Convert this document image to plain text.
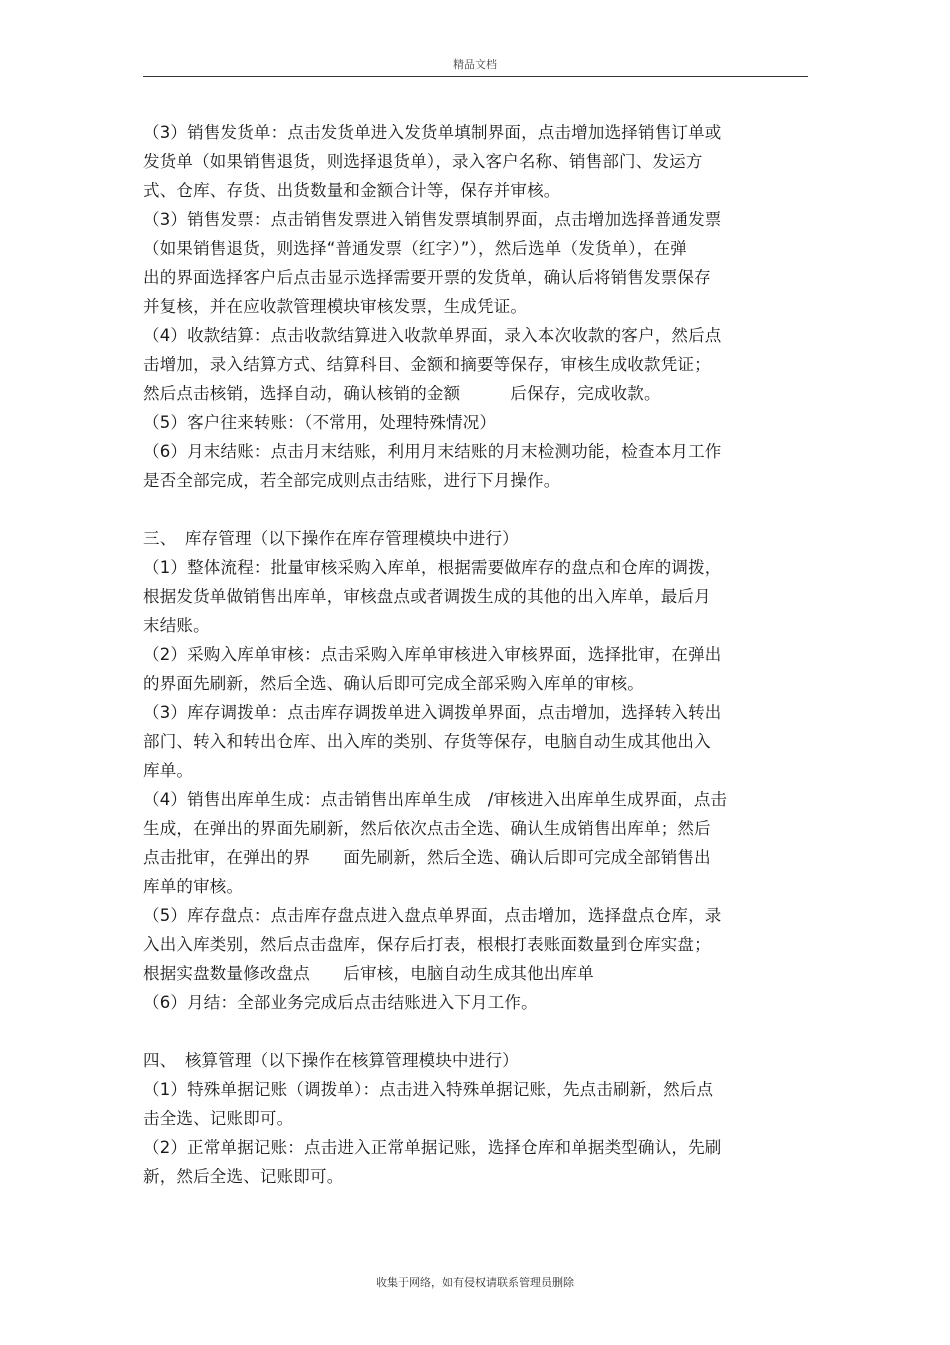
精品文档
（3）销售发货单：点击发货单进入发货单填制界面，点击增加选择销售订单或
发货单（如果销售退货，则选择退货单），录入客户名称、销售部门、发运方
式、仓库、存货、出货数量和金额合计等，保存并审核。
（3）销售发票：点击销售发票进入销售发票填制界面，点击增加选择普通发票
（如果销售退货，则选择“普通发票（红字）”），然后选单（发货单），在弹
出的界面选择客户后点击显示选择需要开票的发货单，确认后将销售发票保存
并复核，并在应收款管理模块审核发票，生成凭证。
（4）收款结算：点击收款结算进入收款单界面，录入本次收款的客户，然后点
击增加，录入结算方式、结算科目、金额和摘要等保存，审核生成收款凭证；
然后点击核销，选择自动，确认核销的金额　　　后保存，完成收款。
（5）客户往来转账：（不常用，处理特殊情况）
（6）月末结账：点击月末结账，利用月末结账的月末检测功能，检查本月工作
是否全部完成，若全部完成则点击结账，进行下月操作。
三、　库存管理（以下操作在库存管理模块中进行）
（1）整体流程：批量审核采购入库单，根据需要做库存的盘点和仓库的调拨，
根据发货单做销售出库单，审核盘点或者调拨生成的其他的出入库单，最后月
末结账。
（2）采购入库单审核：点击采购入库单审核进入审核界面，选择批审，在弹出
的界面先刷新，然后全选、确认后即可完成全部采购入库单的审核。
（3）库存调拨单：点击库存调拨单进入调拨单界面，点击增加，选择转入转出
部门、转入和转出仓库、出入库的类别、存货等保存，电脑自动生成其他出入
库单。
（4）销售出库单生成：点击销售出库单生成　/审核进入出库单生成界面，点击
生成，在弹出的界面先刷新，然后依次点击全选、确认生成销售出库单；然后
点击批审，在弹出的界　　面先刷新，然后全选、确认后即可完成全部销售出
库单的审核。
（5）库存盘点：点击库存盘点进入盘点单界面，点击增加，选择盘点仓库，录
入出入库类别，然后点击盘库，保存后打表，根根打表账面数量到仓库实盘；
根据实盘数量修改盘点　　后审核，电脑自动生成其他出库单
（6）月结：全部业务完成后点击结账进入下月工作。
四、　核算管理（以下操作在核算管理模块中进行）
（1）特殊单据记账（调拨单）：点击进入特殊单据记账，先点击刷新，然后点
击全选、记账即可。
（2）正常单据记账：点击进入正常单据记账，选择仓库和单据类型确认，先刷
新，然后全选、记账即可。
收集于网络，如有侵权请联系管理员删除
